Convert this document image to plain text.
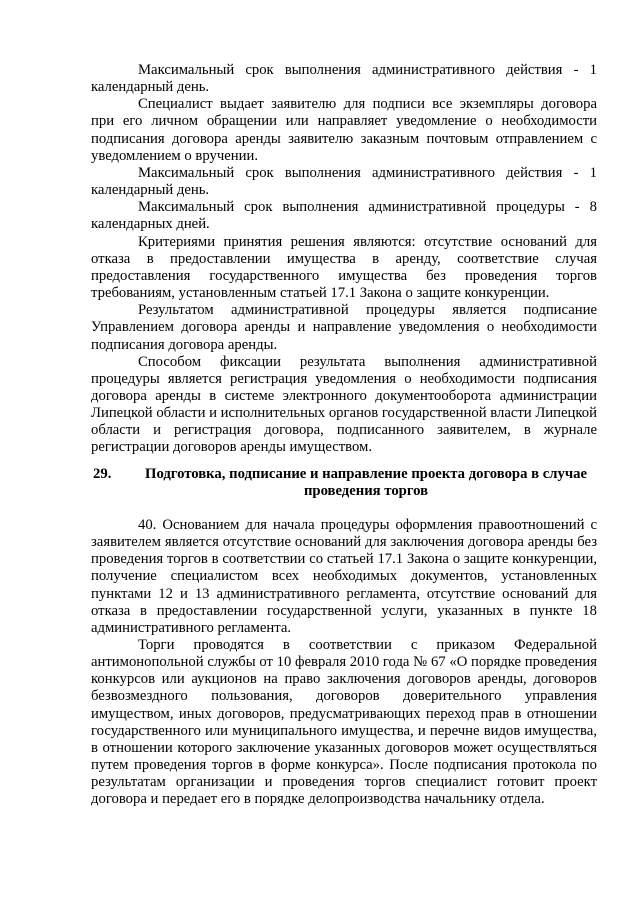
Максимальный срок выполнения административного действия - 1 календарный день.

Специалист выдает заявителю для подписи все экземпляры договора при его личном обращении или направляет уведомление о необходимости подписания договора аренды заявителю заказным почтовым отправлением с уведомлением о вручении.

Максимальный срок выполнения административного действия - 1 календарный день.

Максимальный срок выполнения административной процедуры - 8 календарных дней.

Критериями принятия решения являются: отсутствие оснований для отказа в предоставлении имущества в аренду, соответствие случая предоставления государственного имущества без проведения торгов требованиям, установленным статьей 17.1 Закона о защите конкуренции.

Результатом административной процедуры является подписание Управлением договора аренды и направление уведомления о необходимости подписания договора аренды.

Способом фиксации результата выполнения административной процедуры является регистрация уведомления о необходимости подписания договора аренды в системе электронного документооборота администрации Липецкой области и исполнительных органов государственной власти Липецкой области и регистрация договора, подписанного заявителем, в журнале регистрации договоров аренды имуществом.

29.	Подготовка, подписание и направление проекта договора в случае проведения торгов

40. Основанием для начала процедуры оформления правоотношений с заявителем является отсутствие оснований для заключения договора аренды без проведения торгов в соответствии со статьей 17.1 Закона о защите конкуренции, получение специалистом всех необходимых документов, установленных пунктами 12 и 13 административного регламента, отсутствие оснований для отказа в предоставлении государственной услуги, указанных в пункте 18 административного регламента.

Торги проводятся в соответствии с приказом Федеральной антимонопольной службы от 10 февраля 2010 года № 67 «О порядке проведения конкурсов или аукционов на право заключения договоров аренды, договоров безвозмездного пользования, договоров доверительного управления имуществом, иных договоров, предусматривающих переход прав в отношении государственного или муниципального имущества, и перечне видов имущества, в отношении которого заключение указанных договоров может осуществляться путем проведения торгов в форме конкурса». После подписания протокола по результатам организации и проведения торгов специалист готовит проект договора и передает его в порядке делопроизводства начальнику отдела.
